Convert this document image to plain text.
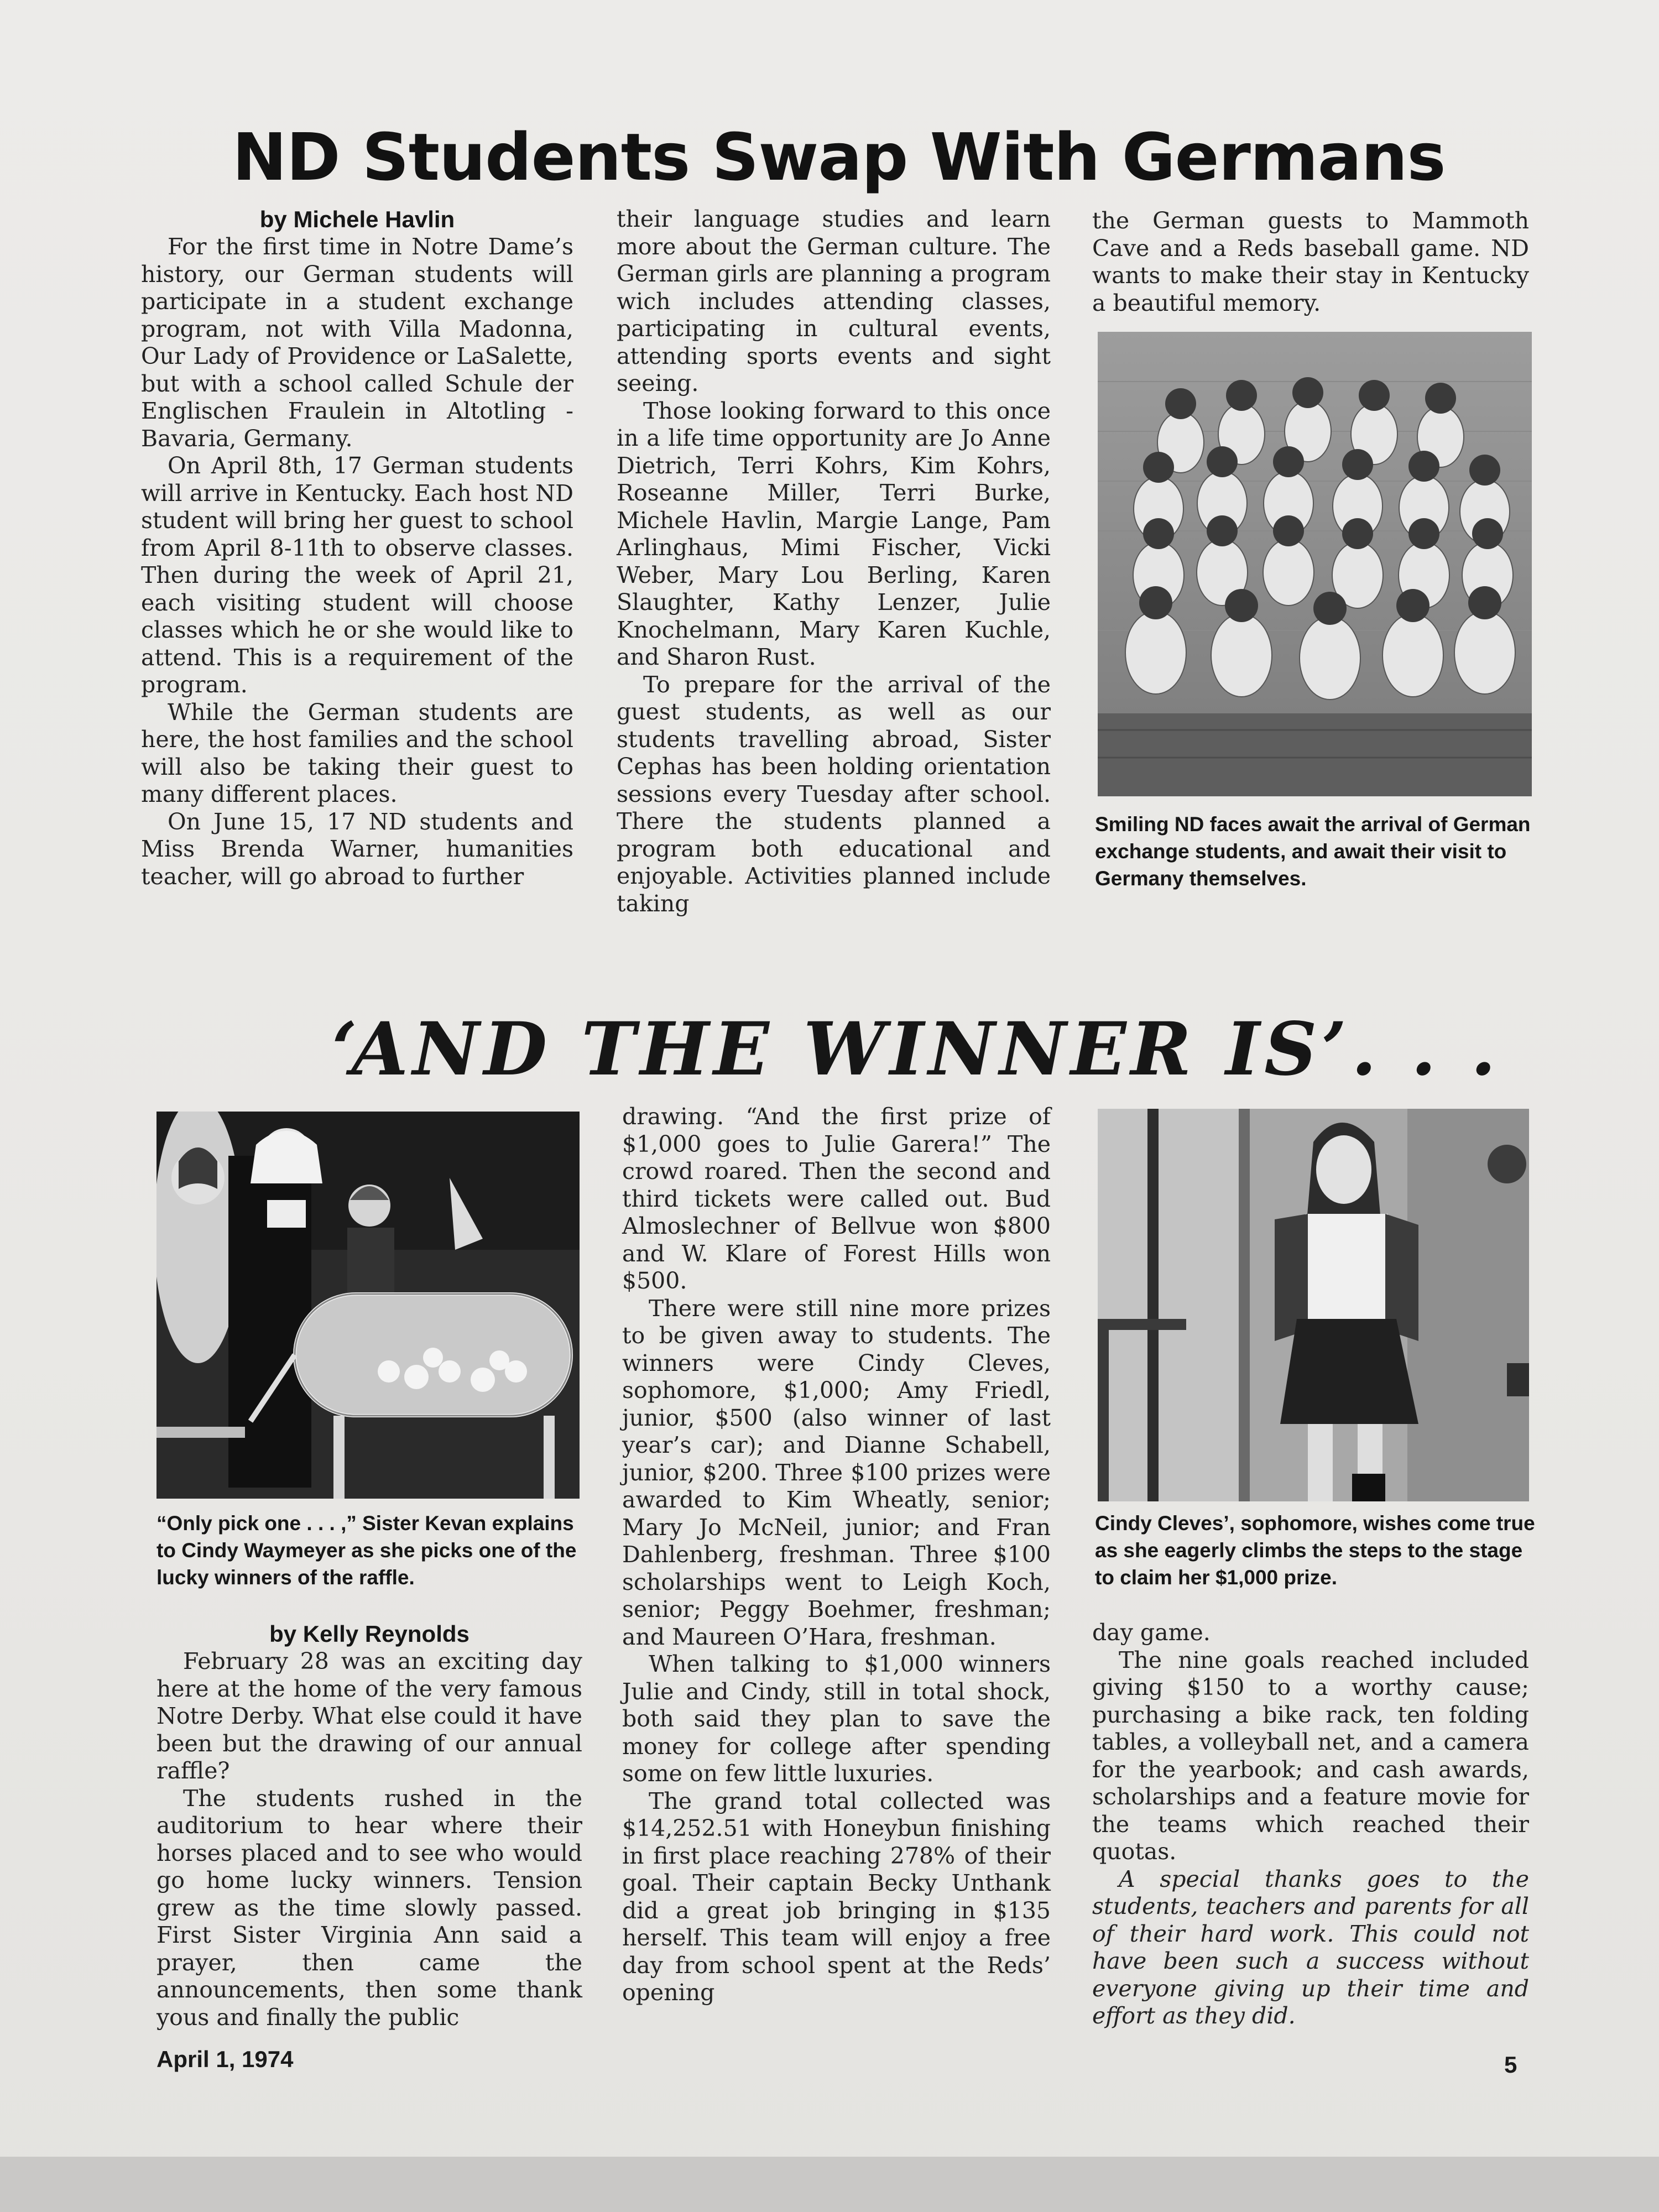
ND Students Swap With Germans

by Michele Havlin

For the first time in Notre Dame’s history, our German students will participate in a student exchange program, not with Villa Madonna, Our Lady of Providence or LaSalette, but with a school called Schule der Englischen Fraulein in Altotling - Bavaria, Germany.

On April 8th, 17 German students will arrive in Kentucky. Each host ND student will bring her guest to school from April 8-11th to observe classes. Then during the week of April 21, each visiting student will choose classes which he or she would like to attend. This is a requirement of the program.

While the German students are here, the host families and the school will also be taking their guest to many different places.

On June 15, 17 ND students and Miss Brenda Warner, humanities teacher, will go abroad to further

their language studies and learn more about the German culture. The German girls are planning a program wich includes attending classes, participating in cultural events, attending sports events and sight seeing.

Those looking forward to this once in a life time opportunity are Jo Anne Dietrich, Terri Kohrs, Kim Kohrs, Roseanne Miller, Terri Burke, Michele Havlin, Margie Lange, Pam Arlinghaus, Mimi Fischer, Vicki Weber, Mary Lou Berling, Karen Slaughter, Kathy Lenzer, Julie Knochelmann, Mary Karen Kuchle, and Sharon Rust.

To prepare for the arrival of the guest students, as well as our students travelling abroad, Sister Cephas has been holding orientation sessions every Tuesday after school. There the students planned a program both educational and enjoyable. Activities planned include taking

the German guests to Mammoth Cave and a Reds baseball game. ND wants to make their stay in Kentucky a beautiful memory.

Smiling ND faces await the arrival of German exchange students, and await their visit to Germany themselves.

‘AND THE WINNER IS’. . .

“Only pick one . . . ,” Sister Kevan explains to Cindy Waymeyer as she picks one of the lucky winners of the raffle.

by Kelly Reynolds

February 28 was an exciting day here at the home of the very famous Notre Derby. What else could it have been but the drawing of our annual raffle?

The students rushed in the auditorium to hear where their horses placed and to see who would go home lucky winners. Tension grew as the time slowly passed. First Sister Virginia Ann said a prayer, then came the announcements, then some thank yous and finally the public

drawing. “And the first prize of $1,000 goes to Julie Garera!” The crowd roared. Then the second and third tickets were called out. Bud Almoslechner of Bellvue won $800 and W. Klare of Forest Hills won $500.

There were still nine more prizes to be given away to students. The winners were Cindy Cleves, sophomore, $1,000; Amy Friedl, junior, $500 (also winner of last year’s car); and Dianne Schabell, junior, $200. Three $100 prizes were awarded to Kim Wheatly, senior; Mary Jo McNeil, junior; and Fran Dahlenberg, freshman. Three $100 scholarships went to Leigh Koch, senior; Peggy Boehmer, freshman; and Maureen O’Hara, freshman.

When talking to $1,000 winners Julie and Cindy, still in total shock, both said they plan to save the money for college after spending some on few little luxuries.

The grand total collected was $14,252.51 with Honeybun finishing in first place reaching 278% of their goal. Their captain Becky Unthank did a great job bringing in $135 herself. This team will enjoy a free day from school spent at the Reds’ opening

Cindy Cleves’, sophomore, wishes come true as she eagerly climbs the steps to the stage to claim her $1,000 prize.

day game.

The nine goals reached included giving $150 to a worthy cause; purchasing a bike rack, ten folding tables, a volleyball net, and a camera for the yearbook; and cash awards, scholarships and a feature movie for the teams which reached their quotas.

A special thanks goes to the students, teachers and parents for all of their hard work. This could not have been such a success without everyone giving up their time and effort as they did.

April 1, 1974	5
